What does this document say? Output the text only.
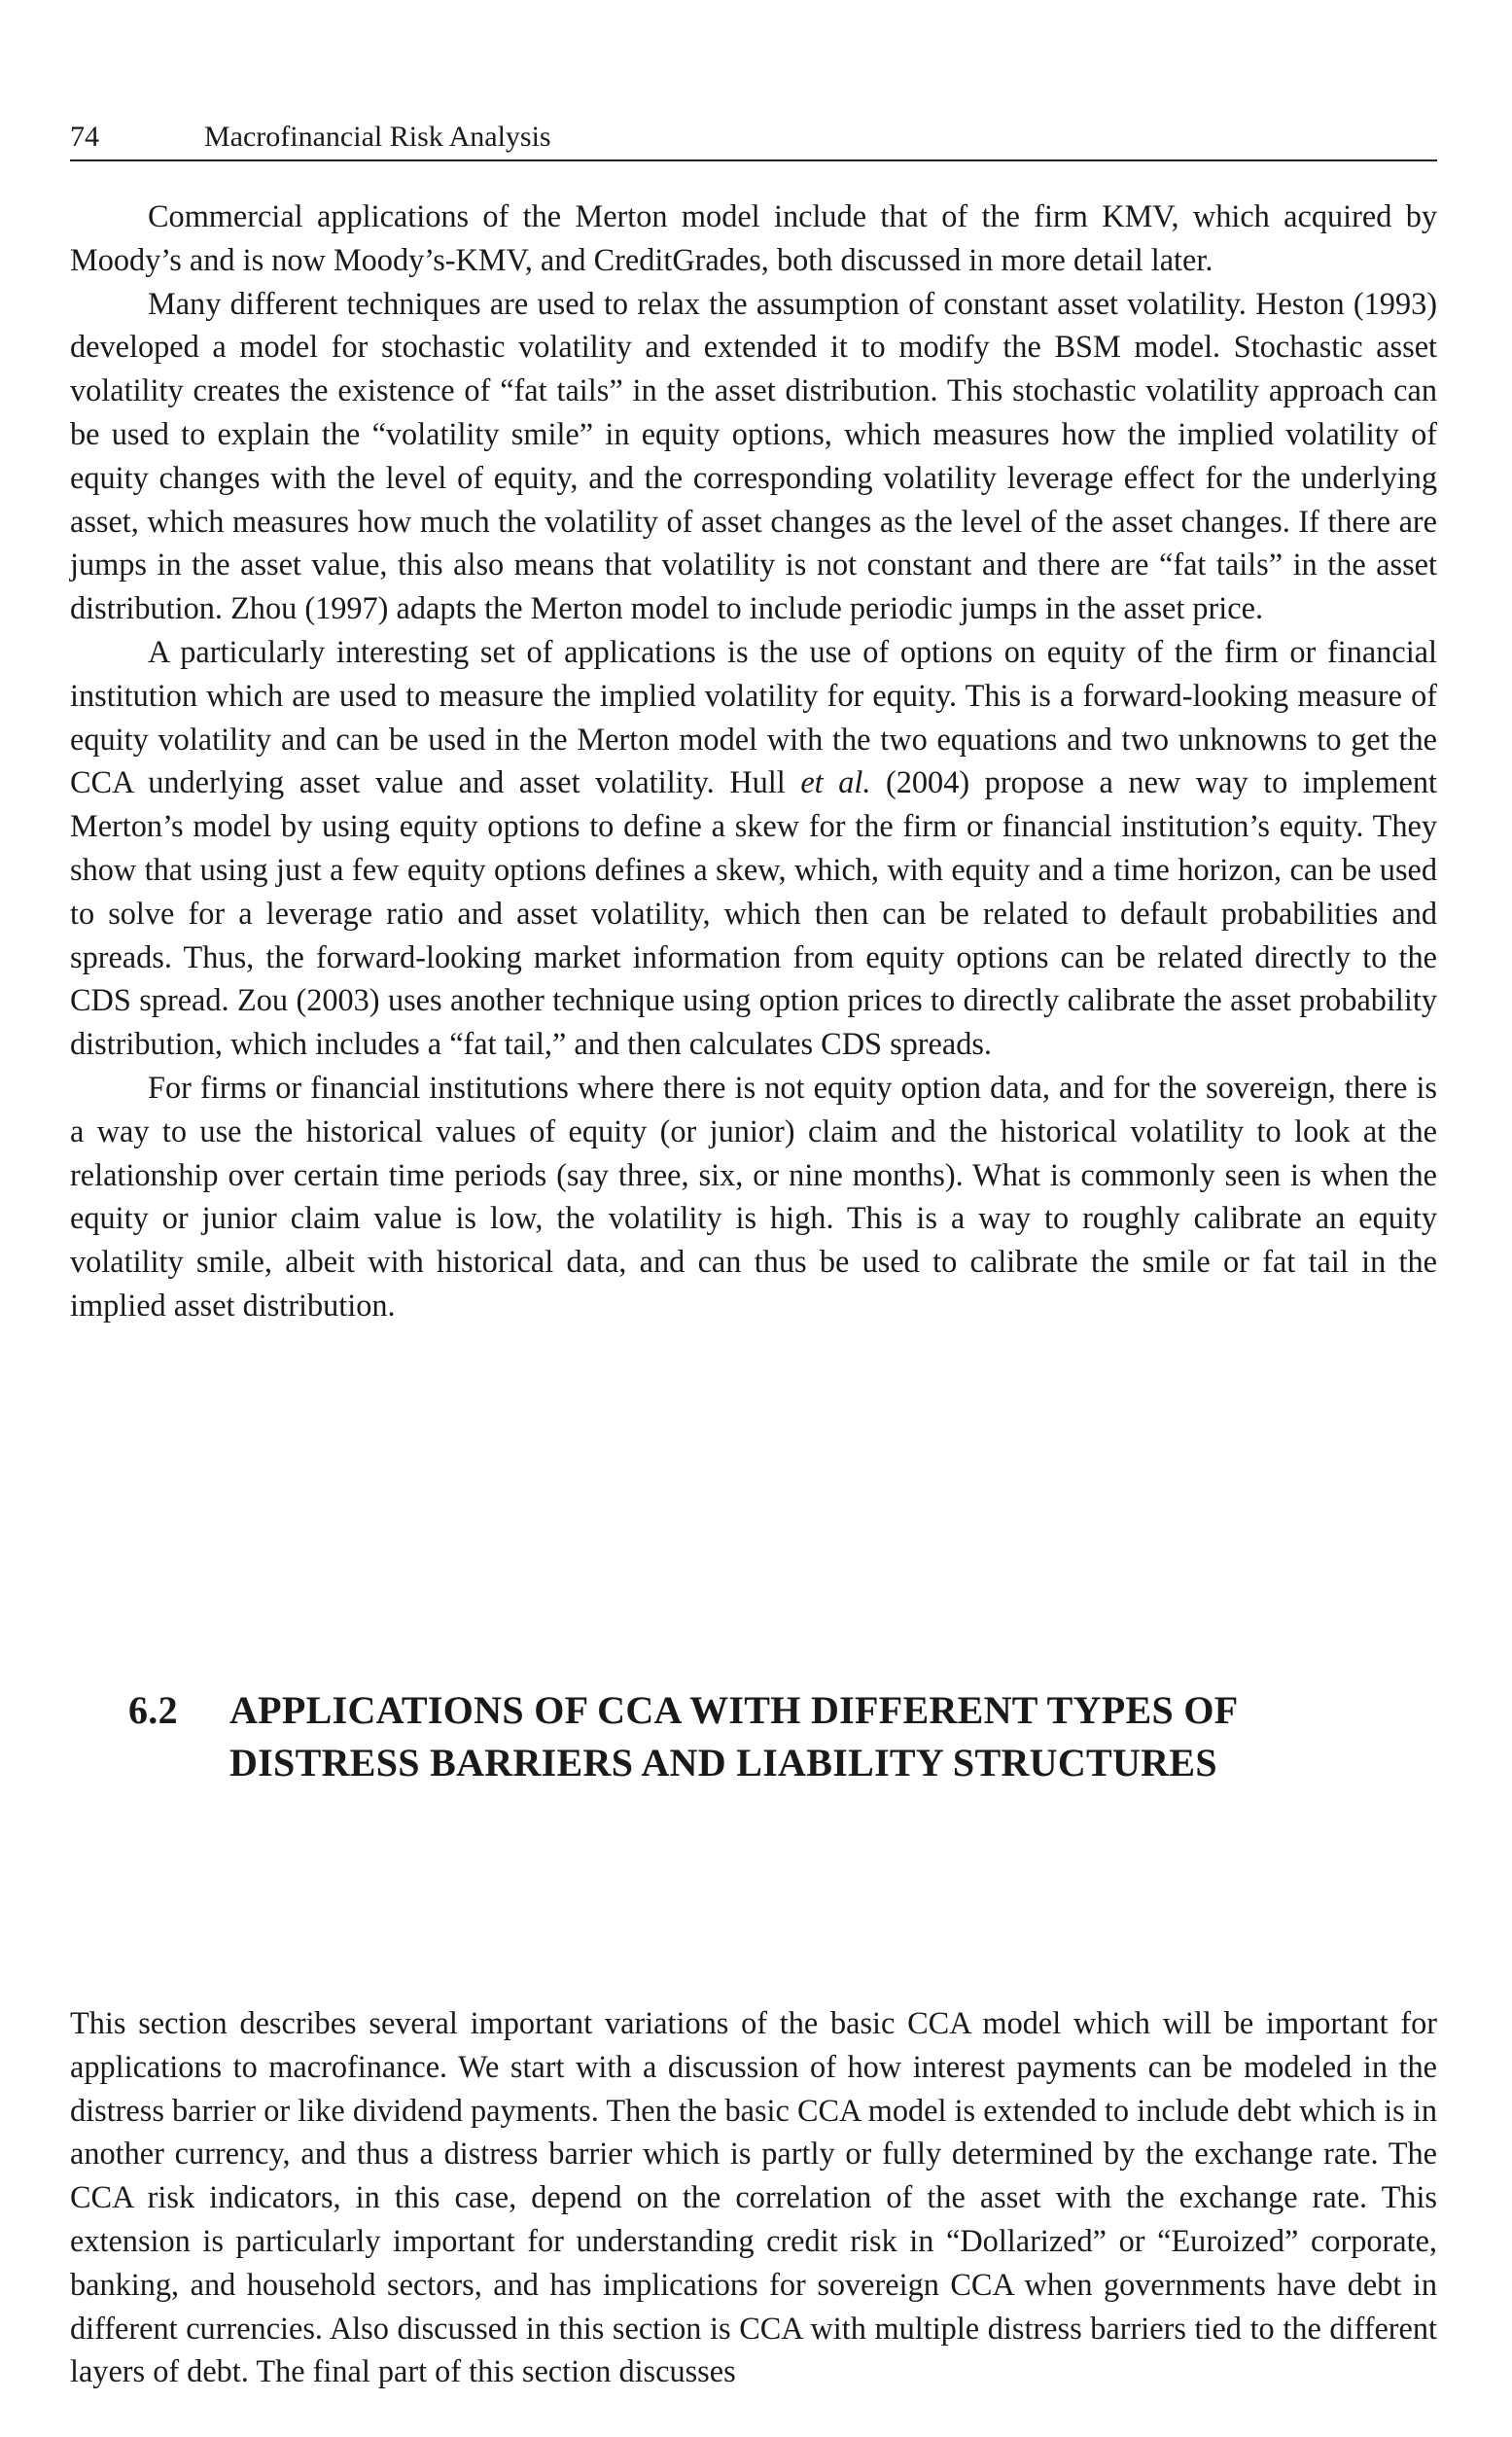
74	Macrofinancial Risk Analysis

Commercial applications of the Merton model include that of the firm KMV, which acquired by Moody’s and is now Moody’s-KMV, and CreditGrades, both discussed in more detail later.

Many different techniques are used to relax the assumption of constant asset volatility. Heston (1993) developed a model for stochastic volatility and extended it to modify the BSM model. Stochastic asset volatility creates the existence of “fat tails” in the asset distribution. This stochastic volatility approach can be used to explain the “volatility smile” in equity options, which measures how the implied volatility of equity changes with the level of equity, and the corresponding volatility leverage effect for the underlying asset, which measures how much the volatility of asset changes as the level of the asset changes. If there are jumps in the asset value, this also means that volatility is not constant and there are “fat tails” in the asset distribution. Zhou (1997) adapts the Merton model to include periodic jumps in the asset price.

A particularly interesting set of applications is the use of options on equity of the firm or financial institution which are used to measure the implied volatility for equity. This is a forward-looking measure of equity volatility and can be used in the Merton model with the two equations and two unknowns to get the CCA underlying asset value and asset volatility. Hull et al. (2004) propose a new way to implement Merton’s model by using equity options to define a skew for the firm or financial institution’s equity. They show that using just a few equity options defines a skew, which, with equity and a time horizon, can be used to solve for a leverage ratio and asset volatility, which then can be related to default probabilities and spreads. Thus, the forward-looking market information from equity options can be related directly to the CDS spread. Zou (2003) uses another technique using option prices to directly calibrate the asset probability distribution, which includes a “fat tail,” and then calculates CDS spreads.

For firms or financial institutions where there is not equity option data, and for the sovereign, there is a way to use the historical values of equity (or junior) claim and the historical volatility to look at the relationship over certain time periods (say three, six, or nine months). What is commonly seen is when the equity or junior claim value is low, the volatility is high. This is a way to roughly calibrate an equity volatility smile, albeit with historical data, and can thus be used to calibrate the smile or fat tail in the implied asset distribution.

6.2 APPLICATIONS OF CCA WITH DIFFERENT TYPES OF
DISTRESS BARRIERS AND LIABILITY STRUCTURES

This section describes several important variations of the basic CCA model which will be important for applications to macrofinance. We start with a discussion of how interest payments can be modeled in the distress barrier or like dividend payments. Then the basic CCA model is extended to include debt which is in another currency, and thus a distress barrier which is partly or fully determined by the exchange rate. The CCA risk indicators, in this case, depend on the correlation of the asset with the exchange rate. This extension is particularly important for understanding credit risk in “Dollarized” or “Euroized” corporate, banking, and household sectors, and has implications for sovereign CCA when governments have debt in different currencies. Also discussed in this section is CCA with multiple distress barriers tied to the different layers of debt. The final part of this section discusses
